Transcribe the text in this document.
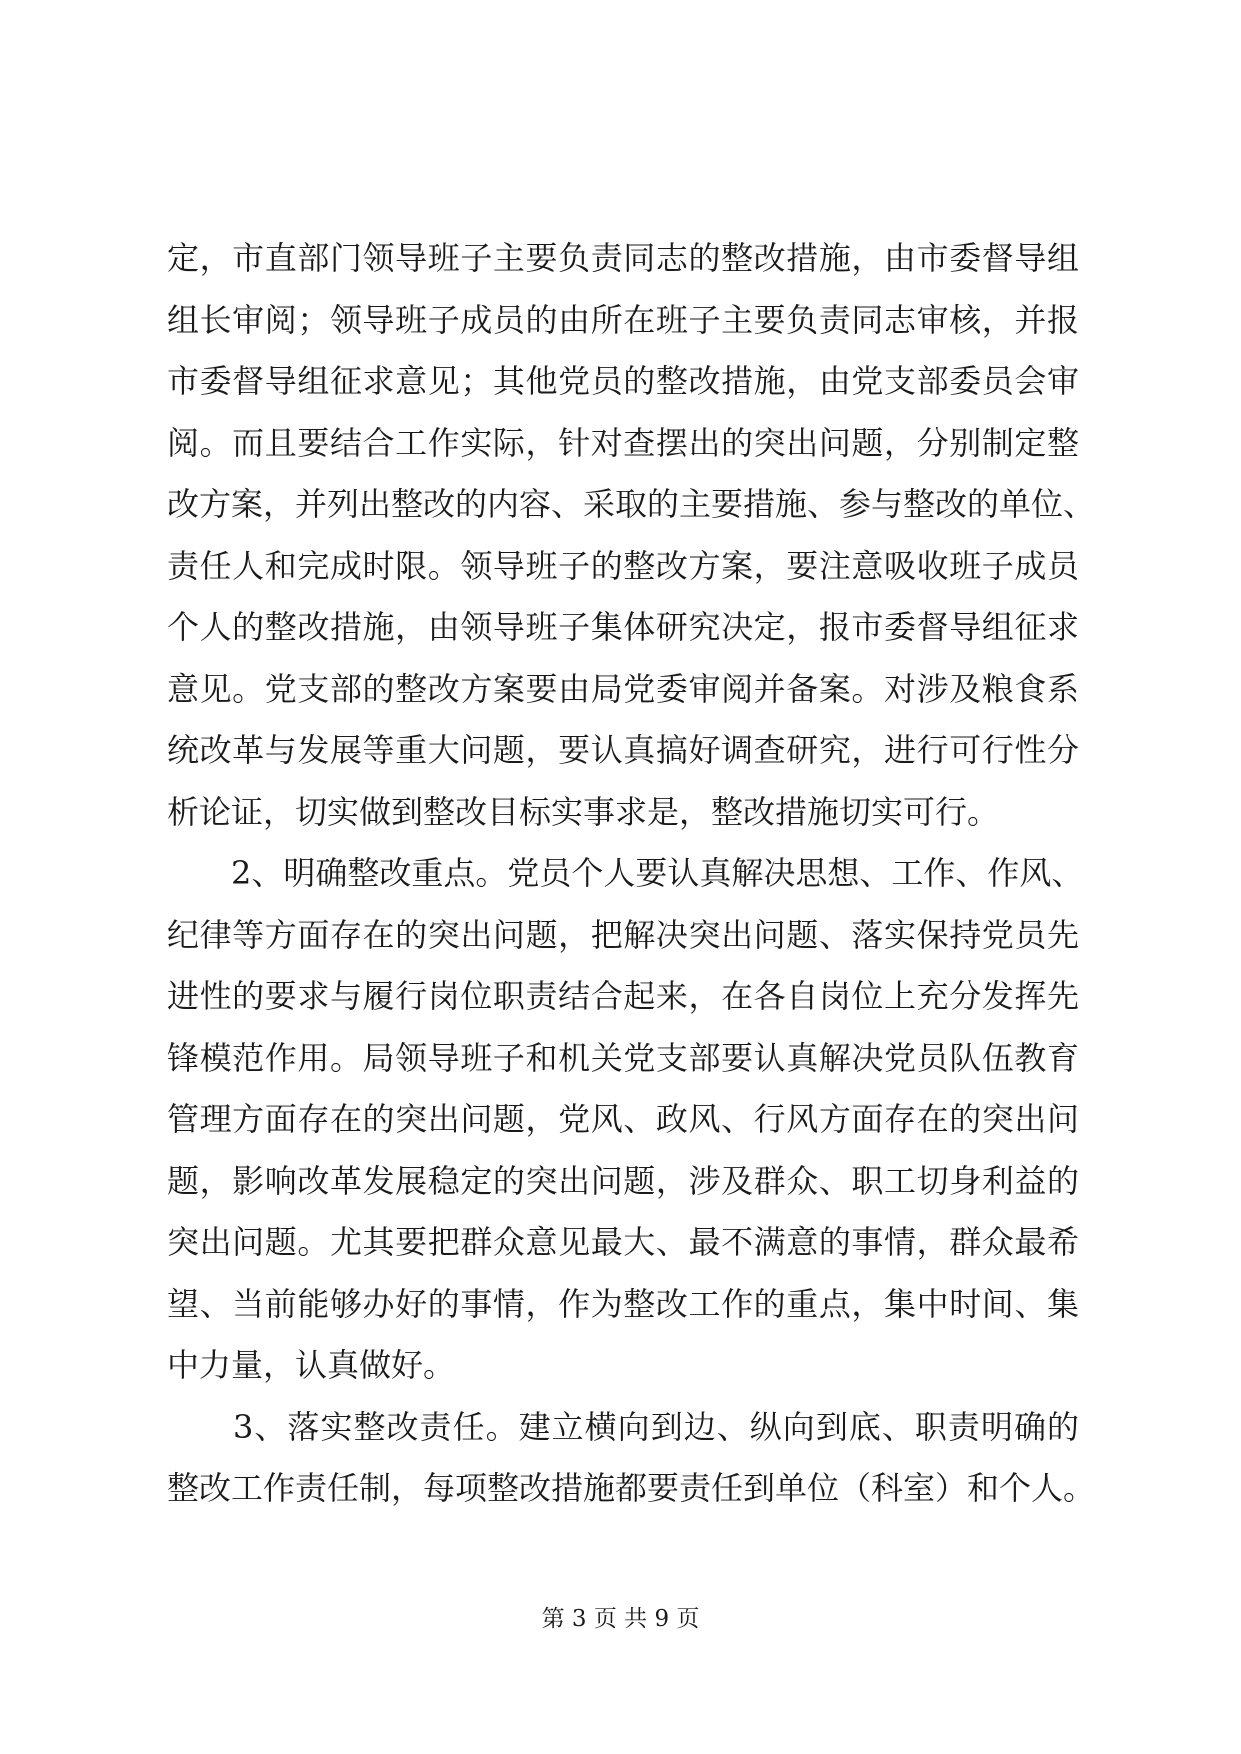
定，市直部门领导班子主要负责同志的整改措施，由市委督导组
组长审阅；领导班子成员的由所在班子主要负责同志审核，并报
市委督导组征求意见；其他党员的整改措施，由党支部委员会审
阅。而且要结合工作实际，针对查摆出的突出问题，分别制定整
改方案，并列出整改的内容、采取的主要措施、参与整改的单位、
责任人和完成时限。领导班子的整改方案，要注意吸收班子成员
个人的整改措施，由领导班子集体研究决定，报市委督导组征求
意见。党支部的整改方案要由局党委审阅并备案。对涉及粮食系
统改革与发展等重大问题，要认真搞好调查研究，进行可行性分
析论证，切实做到整改目标实事求是，整改措施切实可行。
　　2、明确整改重点。党员个人要认真解决思想、工作、作风、
纪律等方面存在的突出问题，把解决突出问题、落实保持党员先
进性的要求与履行岗位职责结合起来，在各自岗位上充分发挥先
锋模范作用。局领导班子和机关党支部要认真解决党员队伍教育
管理方面存在的突出问题，党风、政风、行风方面存在的突出问
题，影响改革发展稳定的突出问题，涉及群众、职工切身利益的
突出问题。尤其要把群众意见最大、最不满意的事情，群众最希
望、当前能够办好的事情，作为整改工作的重点，集中时间、集
中力量，认真做好。
　　3、落实整改责任。建立横向到边、纵向到底、职责明确的
整改工作责任制，每项整改措施都要责任到单位（科室）和个人。
第 3 页 共 9 页
